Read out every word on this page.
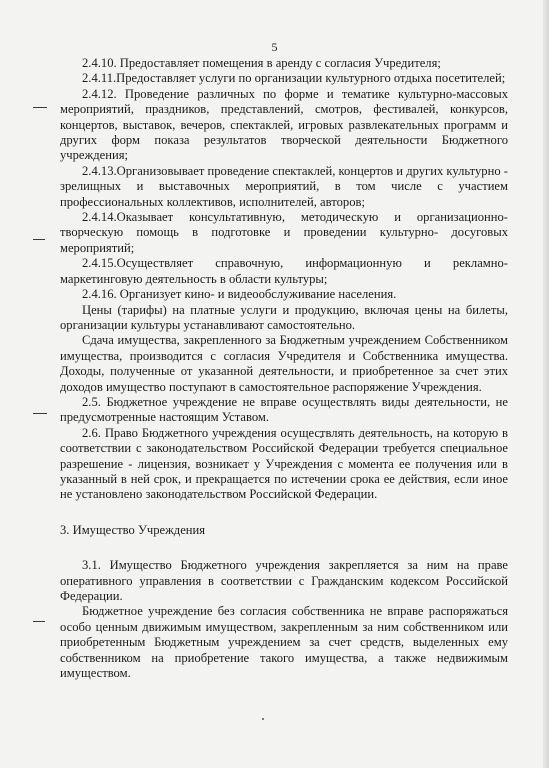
5

2.4.10. Предоставляет помещения в аренду с согласия Учредителя;

2.4.11.Предоставляет услуги по организации культурного отдыха посетителей;

2.4.12. Проведение различных по форме и тематике культурно-массовых мероприятий, праздников, представлений, смотров, фестивалей, конкурсов, концертов, выставок, вечеров, спектаклей, игровых развлекательных программ и других форм показа результатов творческой деятельности Бюджетного учреждения;

2.4.13.Организовывает проведение спектаклей, концертов и других культурно - зрелищных и выставочных мероприятий, в том числе с участием профессиональных коллективов, исполнителей, авторов;

2.4.14.Оказывает консультативную, методическую и организационно-творческую помощь в подготовке и проведении культурно- досуговых мероприятий;

2.4.15.Осуществляет справочную, информационную и рекламно-маркетинговую деятельность в области культуры;

2.4.16. Организует кино- и видеообслуживание населения.

Цены (тарифы) на платные услуги и продукцию, включая цены на билеты, организации культуры устанавливают самостоятельно.

Сдача имущества, закрепленного за Бюджетным учреждением Собственником имущества, производится с согласия Учредителя и Собственника имущества. Доходы, полученные от указанной деятельности, и приобретенное за счет этих доходов имущество поступают в самостоятельное распоряжение Учреждения.

2.5. Бюджетное учреждение не вправе осуществлять виды деятельности, не предусмотренные настоящим Уставом.

2.6. Право Бюджетного учреждения осуществлять деятельность, на которую в соответствии с законодательством Российской Федерации требуется специальное разрешение - лицензия, возникает у Учреждения с момента ее получения или в указанный в ней срок, и прекращается по истечении срока ее действия, если иное не установлено законодательством Российской Федерации.

3. Имущество Учреждения

3.1. Имущество Бюджетного учреждения закрепляется за ним на праве оперативного управления в соответствии с Гражданским кодексом Российской Федерации.

Бюджетное учреждение без согласия собственника не вправе распоряжаться особо ценным движимым имуществом, закрепленным за ним собственником или приобретенным Бюджетным учреждением за счет средств, выделенных ему собственником на приобретение такого имущества, а также недвижимым имуществом.
